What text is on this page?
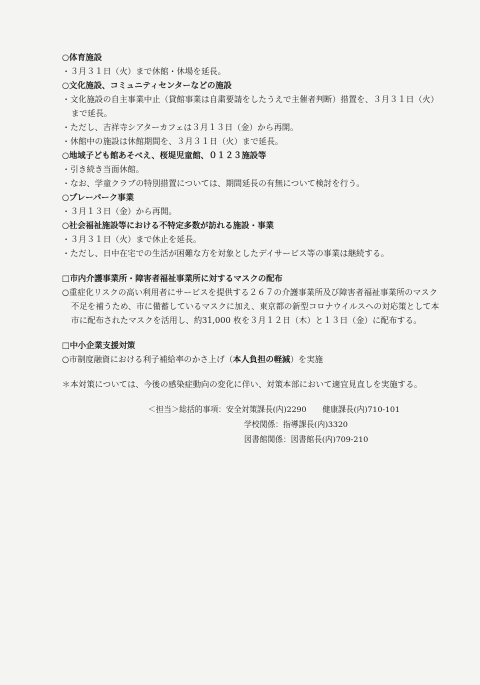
○体育施設
・３月３１日（火）まで休館・休場を延長。
○文化施設、コミュニティセンターなどの施設
・文化施設の自主事業中止（貸館事業は自粛要請をしたうえで主催者判断）措置を、３月３１日（火）まで延長。
・ただし、吉祥寺シアターカフェは３月１３日（金）から再開。
・休館中の施設は休館期間を、３月３１日（火）まで延長。
○地域子ども館あそべえ、桜堤児童館、０１２３施設等
・引き続き当面休館。
・なお、学童クラブの特別措置については、期間延長の有無について検討を行う。
○プレーパーク事業
・３月１３日（金）から再開。
○社会福祉施設等における不特定多数が訪れる施設・事業
・３月３１日（火）まで休止を延長。
・ただし、日中在宅での生活が困難な方を対象としたデイサービス等の事業は継続する。
□市内介護事業所・障害者福祉事業所に対するマスクの配布
○重症化リスクの高い利用者にサービスを提供する２６７の介護事業所及び障害者福祉事業所のマスク不足を補うため、市に備蓄しているマスクに加え、東京都の新型コロナウイルスへの対応策として本市に配布されたマスクを活用し、約31,000 枚を３月１２日（木）と１３日（金）に配布する。
□中小企業支援対策
○市制度融資における利子補給率のかさ上げ（本人負担の軽減）を実施
＊本対策については、今後の感染症動向の変化に伴い、対策本部において適宜見直しを実施する。
＜担当＞総括的事項：安全対策課長(内)2290 健康課長(内)710-101
学校関係：指導課長(内)3320
図書館関係：図書館長(内)709-210
